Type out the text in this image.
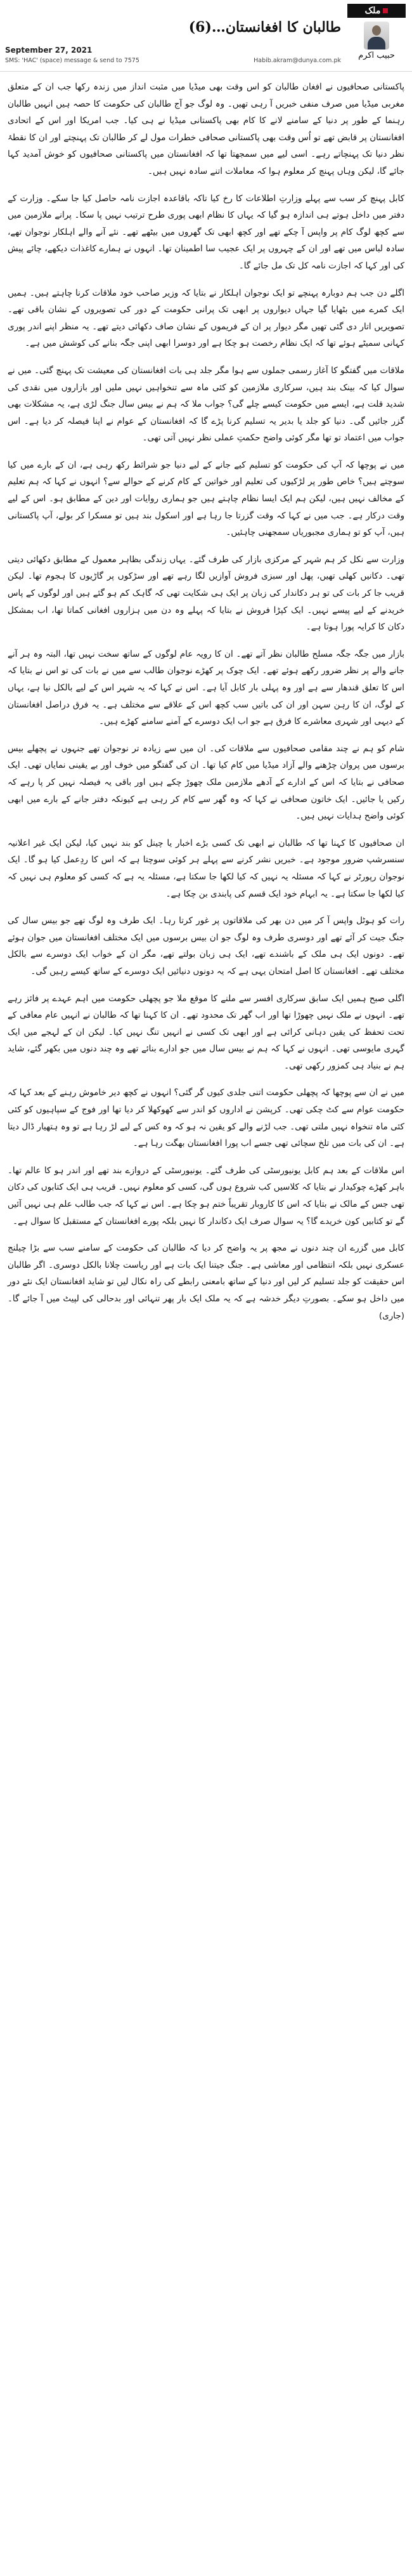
ملک
حبیب اکرم
طالبان کا افغانستان…(6)
September 27, 2021
SMS: 'HAC' (space) message & send to 7575	Habib.akram@dunya.com.pk

پاکستانی صحافیوں نے افغان طالبان کو اس وقت بھی میڈیا میں مثبت انداز میں زندہ رکھا جب ان کے متعلق مغربی میڈیا میں صرف منفی خبریں آ رہی تھیں۔ وہ لوگ جو آج طالبان کی حکومت کا حصہ ہیں انہیں طالبان رہنما کے طور پر دنیا کے سامنے لانے کا کام بھی پاکستانی میڈیا نے ہی کیا۔ جب امریکا اور اس کے اتحادی افغانستان پر قابض تھے تو اُس وقت بھی پاکستانی صحافی خطرات مول لے کر طالبان تک پہنچتے اور ان کا نقطۂ نظر دنیا تک پہنچاتے رہے۔ اسی لیے میں سمجھتا تھا کہ افغانستان میں پاکستانی صحافیوں کو خوش آمدید کہا جائے گا، لیکن وہاں پہنچ کر معلوم ہوا کہ معاملات اتنے سادہ نہیں ہیں۔

کابل پہنچ کر سب سے پہلے وزارتِ اطلاعات کا رخ کیا تاکہ باقاعدہ اجازت نامہ حاصل کیا جا سکے۔ وزارت کے دفتر میں داخل ہوتے ہی اندازہ ہو گیا کہ یہاں کا نظام ابھی پوری طرح ترتیب نہیں پا سکا۔ پرانے ملازمین میں سے کچھ لوگ کام پر واپس آ چکے تھے اور کچھ ابھی تک گھروں میں بیٹھے تھے۔ نئے آنے والے اہلکار نوجوان تھے، سادہ لباس میں تھے اور ان کے چہروں پر ایک عجیب سا اطمینان تھا۔ انہوں نے ہمارے کاغذات دیکھے، چائے پیش کی اور کہا کہ اجازت نامہ کل تک مل جائے گا۔

اگلے دن جب ہم دوبارہ پہنچے تو ایک نوجوان اہلکار نے بتایا کہ وزیر صاحب خود ملاقات کرنا چاہتے ہیں۔ ہمیں ایک کمرے میں بٹھایا گیا جہاں دیواروں پر ابھی تک پرانی حکومت کے دور کی تصویروں کے نشان باقی تھے۔ تصویریں اتار دی گئی تھیں مگر دیوار پر ان کے فریموں کے نشان صاف دکھائی دیتے تھے۔ یہ منظر اپنے اندر پوری کہانی سمیٹے ہوئے تھا کہ ایک نظام رخصت ہو چکا ہے اور دوسرا ابھی اپنی جگہ بنانے کی کوشش میں ہے۔

ملاقات میں گفتگو کا آغاز رسمی جملوں سے ہوا مگر جلد ہی بات افغانستان کی معیشت تک پہنچ گئی۔ میں نے سوال کیا کہ بینک بند ہیں، سرکاری ملازمین کو کئی ماہ سے تنخواہیں نہیں ملیں اور بازاروں میں نقدی کی شدید قلت ہے، ایسے میں حکومت کیسے چلے گی؟ جواب ملا کہ ہم نے بیس سال جنگ لڑی ہے، یہ مشکلات بھی گزر جائیں گی۔ دنیا کو جلد یا بدیر یہ تسلیم کرنا پڑے گا کہ افغانستان کے عوام نے اپنا فیصلہ کر دیا ہے۔ اس جواب میں اعتماد تو تھا مگر کوئی واضح حکمتِ عملی نظر نہیں آتی تھی۔

میں نے پوچھا کہ آپ کی حکومت کو تسلیم کیے جانے کے لیے دنیا جو شرائط رکھ رہی ہے، ان کے بارے میں کیا سوچتے ہیں؟ خاص طور پر لڑکیوں کی تعلیم اور خواتین کے کام کرنے کے حوالے سے؟ انہوں نے کہا کہ ہم تعلیم کے مخالف نہیں ہیں، لیکن ہم ایک ایسا نظام چاہتے ہیں جو ہماری روایات اور دین کے مطابق ہو۔ اس کے لیے وقت درکار ہے۔ جب میں نے کہا کہ وقت گزرتا جا رہا ہے اور اسکول بند ہیں تو مسکرا کر بولے، آپ پاکستانی ہیں، آپ کو تو ہماری مجبوریاں سمجھنی چاہئیں۔

وزارت سے نکل کر ہم شہر کے مرکزی بازار کی طرف گئے۔ یہاں زندگی بظاہر معمول کے مطابق دکھائی دیتی تھی۔ دکانیں کھلی تھیں، پھل اور سبزی فروش آوازیں لگا رہے تھے اور سڑکوں پر گاڑیوں کا ہجوم تھا۔ لیکن قریب جا کر بات کی تو ہر دکاندار کی زبان پر ایک ہی شکایت تھی کہ گاہک کم ہو گئے ہیں اور لوگوں کے پاس خریدنے کے لیے پیسے نہیں۔ ایک کپڑا فروش نے بتایا کہ پہلے وہ دن میں ہزاروں افغانی کماتا تھا، اب بمشکل دکان کا کرایہ پورا ہوتا ہے۔

بازار میں جگہ جگہ مسلح طالبان نظر آتے تھے۔ ان کا رویہ عام لوگوں کے ساتھ سخت نہیں تھا، البتہ وہ ہر آنے جانے والے پر نظر ضرور رکھے ہوئے تھے۔ ایک چوک پر کھڑے نوجوان طالب سے میں نے بات کی تو اس نے بتایا کہ اس کا تعلق قندھار سے ہے اور وہ پہلی بار کابل آیا ہے۔ اس نے کہا کہ یہ شہر اس کے لیے بالکل نیا ہے، یہاں کے لوگ، ان کا رہن سہن اور ان کی باتیں سب کچھ اس کے علاقے سے مختلف ہے۔ یہ فرق دراصل افغانستان کے دیہی اور شہری معاشرے کا فرق ہے جو اب ایک دوسرے کے آمنے سامنے کھڑے ہیں۔

شام کو ہم نے چند مقامی صحافیوں سے ملاقات کی۔ ان میں سے زیادہ تر نوجوان تھے جنہوں نے پچھلے بیس برسوں میں پروان چڑھنے والے آزاد میڈیا میں کام کیا تھا۔ ان کی گفتگو میں خوف اور بے یقینی نمایاں تھی۔ ایک صحافی نے بتایا کہ اس کے ادارے کے آدھے ملازمین ملک چھوڑ چکے ہیں اور باقی یہ فیصلہ نہیں کر پا رہے کہ رکیں یا جائیں۔ ایک خاتون صحافی نے کہا کہ وہ گھر سے کام کر رہی ہے کیونکہ دفتر جانے کے بارے میں ابھی کوئی واضح ہدایات نہیں ہیں۔

ان صحافیوں کا کہنا تھا کہ طالبان نے ابھی تک کسی بڑے اخبار یا چینل کو بند نہیں کیا، لیکن ایک غیر اعلانیہ سنسرشپ ضرور موجود ہے۔ خبریں نشر کرنے سے پہلے ہر کوئی سوچتا ہے کہ اس کا ردِعمل کیا ہو گا۔ ایک نوجوان رپورٹر نے کہا کہ مسئلہ یہ نہیں کہ کیا لکھا جا سکتا ہے، مسئلہ یہ ہے کہ کسی کو معلوم ہی نہیں کہ کیا لکھا جا سکتا ہے۔ یہ ابہام خود ایک قسم کی پابندی بن چکا ہے۔

رات کو ہوٹل واپس آ کر میں دن بھر کی ملاقاتوں پر غور کرتا رہا۔ ایک طرف وہ لوگ تھے جو بیس سال کی جنگ جیت کر آئے تھے اور دوسری طرف وہ لوگ جو ان بیس برسوں میں ایک مختلف افغانستان میں جوان ہوئے تھے۔ دونوں ایک ہی ملک کے باشندے تھے، ایک ہی زبان بولتے تھے، مگر ان کے خواب ایک دوسرے سے بالکل مختلف تھے۔ افغانستان کا اصل امتحان یہی ہے کہ یہ دونوں دنیائیں ایک دوسرے کے ساتھ کیسے رہیں گی۔

اگلی صبح ہمیں ایک سابق سرکاری افسر سے ملنے کا موقع ملا جو پچھلی حکومت میں اہم عہدے پر فائز رہے تھے۔ انہوں نے ملک نہیں چھوڑا تھا اور اب گھر تک محدود تھے۔ ان کا کہنا تھا کہ طالبان نے انہیں عام معافی کے تحت تحفظ کی یقین دہانی کرائی ہے اور ابھی تک کسی نے انہیں تنگ نہیں کیا۔ لیکن ان کے لہجے میں ایک گہری مایوسی تھی۔ انہوں نے کہا کہ ہم نے بیس سال میں جو ادارے بنائے تھے وہ چند دنوں میں بکھر گئے، شاید ہم نے بنیاد ہی کمزور رکھی تھی۔

میں نے ان سے پوچھا کہ پچھلی حکومت اتنی جلدی کیوں گر گئی؟ انہوں نے کچھ دیر خاموش رہنے کے بعد کہا کہ حکومت عوام سے کٹ چکی تھی۔ کرپشن نے اداروں کو اندر سے کھوکھلا کر دیا تھا اور فوج کے سپاہیوں کو کئی کئی ماہ تنخواہ نہیں ملتی تھی۔ جب لڑنے والے کو یقین نہ ہو کہ وہ کس کے لیے لڑ رہا ہے تو وہ ہتھیار ڈال دیتا ہے۔ ان کی بات میں تلخ سچائی تھی جسے اب پورا افغانستان بھگت رہا ہے۔

اس ملاقات کے بعد ہم کابل یونیورسٹی کی طرف گئے۔ یونیورسٹی کے دروازے بند تھے اور اندر ہو کا عالم تھا۔ باہر کھڑے چوکیدار نے بتایا کہ کلاسیں کب شروع ہوں گی، کسی کو معلوم نہیں۔ قریب ہی ایک کتابوں کی دکان تھی جس کے مالک نے بتایا کہ اس کا کاروبار تقریباً ختم ہو چکا ہے۔ اس نے کہا کہ جب طالب علم ہی نہیں آئیں گے تو کتابیں کون خریدے گا؟ یہ سوال صرف ایک دکاندار کا نہیں بلکہ پورے افغانستان کے مستقبل کا سوال ہے۔

کابل میں گزرے ان چند دنوں نے مجھ پر یہ واضح کر دیا کہ طالبان کی حکومت کے سامنے سب سے بڑا چیلنج عسکری نہیں بلکہ انتظامی اور معاشی ہے۔ جنگ جیتنا ایک بات ہے اور ریاست چلانا بالکل دوسری۔ اگر طالبان اس حقیقت کو جلد تسلیم کر لیں اور دنیا کے ساتھ بامعنی رابطے کی راہ نکال لیں تو شاید افغانستان ایک نئے دور میں داخل ہو سکے۔ بصورتِ دیگر خدشہ ہے کہ یہ ملک ایک بار پھر تنہائی اور بدحالی کی لپیٹ میں آ جائے گا۔ (جاری)
